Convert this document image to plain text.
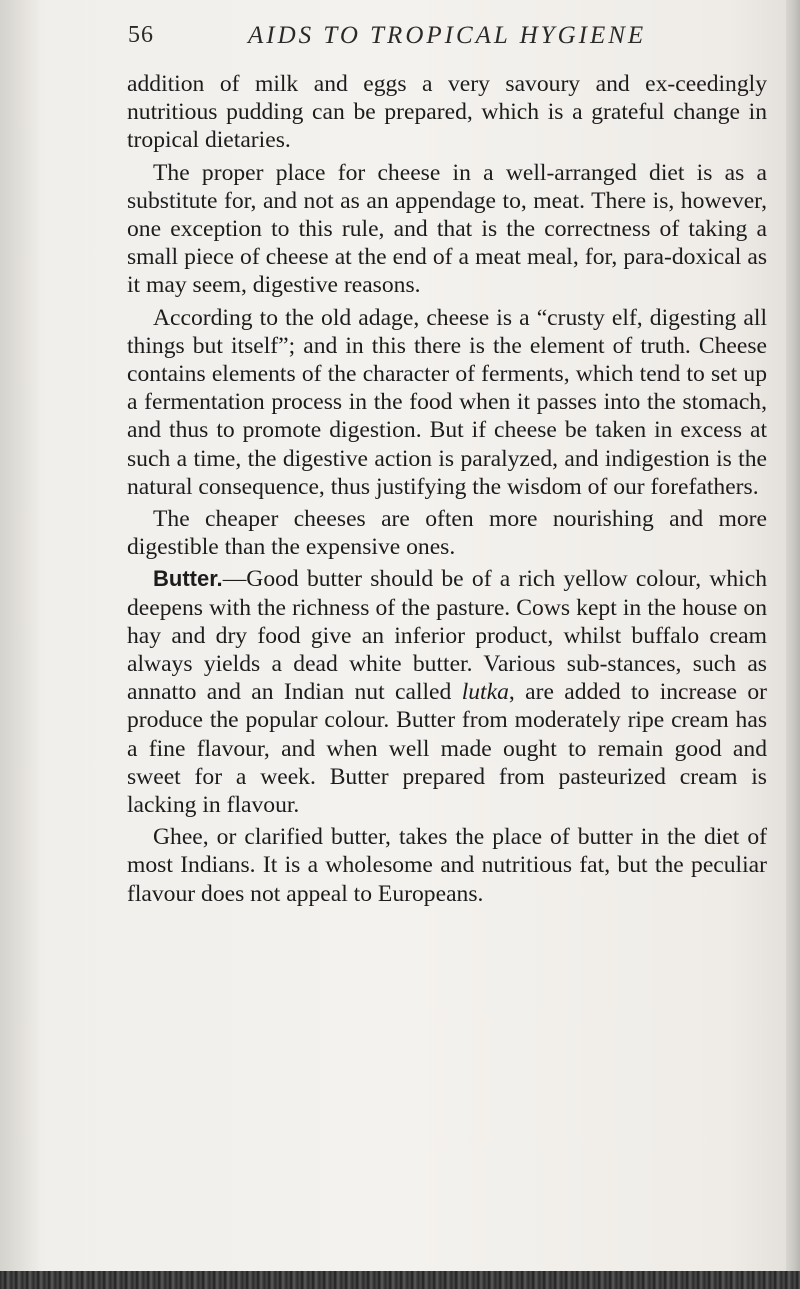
56	AIDS TO TROPICAL HYGIENE

addition of milk and eggs a very savoury and ex-ceedingly nutritious pudding can be prepared, which is a grateful change in tropical dietaries.

The proper place for cheese in a well-arranged diet is as a substitute for, and not as an appendage to, meat. There is, however, one exception to this rule, and that is the correctness of taking a small piece of cheese at the end of a meat meal, for, para-doxical as it may seem, digestive reasons.

According to the old adage, cheese is a “crusty elf, digesting all things but itself”; and in this there is the element of truth. Cheese contains elements of the character of ferments, which tend to set up a fermentation process in the food when it passes into the stomach, and thus to promote digestion. But if cheese be taken in excess at such a time, the digestive action is paralyzed, and indigestion is the natural consequence, thus justifying the wisdom of our forefathers.

The cheaper cheeses are often more nourishing and more digestible than the expensive ones.

Butter.—Good butter should be of a rich yellow colour, which deepens with the richness of the pasture. Cows kept in the house on hay and dry food give an inferior product, whilst buffalo cream always yields a dead white butter. Various sub-stances, such as annatto and an Indian nut called lutka, are added to increase or produce the popular colour. Butter from moderately ripe cream has a fine flavour, and when well made ought to remain good and sweet for a week. Butter prepared from pasteurized cream is lacking in flavour.

Ghee, or clarified butter, takes the place of butter in the diet of most Indians. It is a wholesome and nutritious fat, but the peculiar flavour does not appeal to Europeans.
